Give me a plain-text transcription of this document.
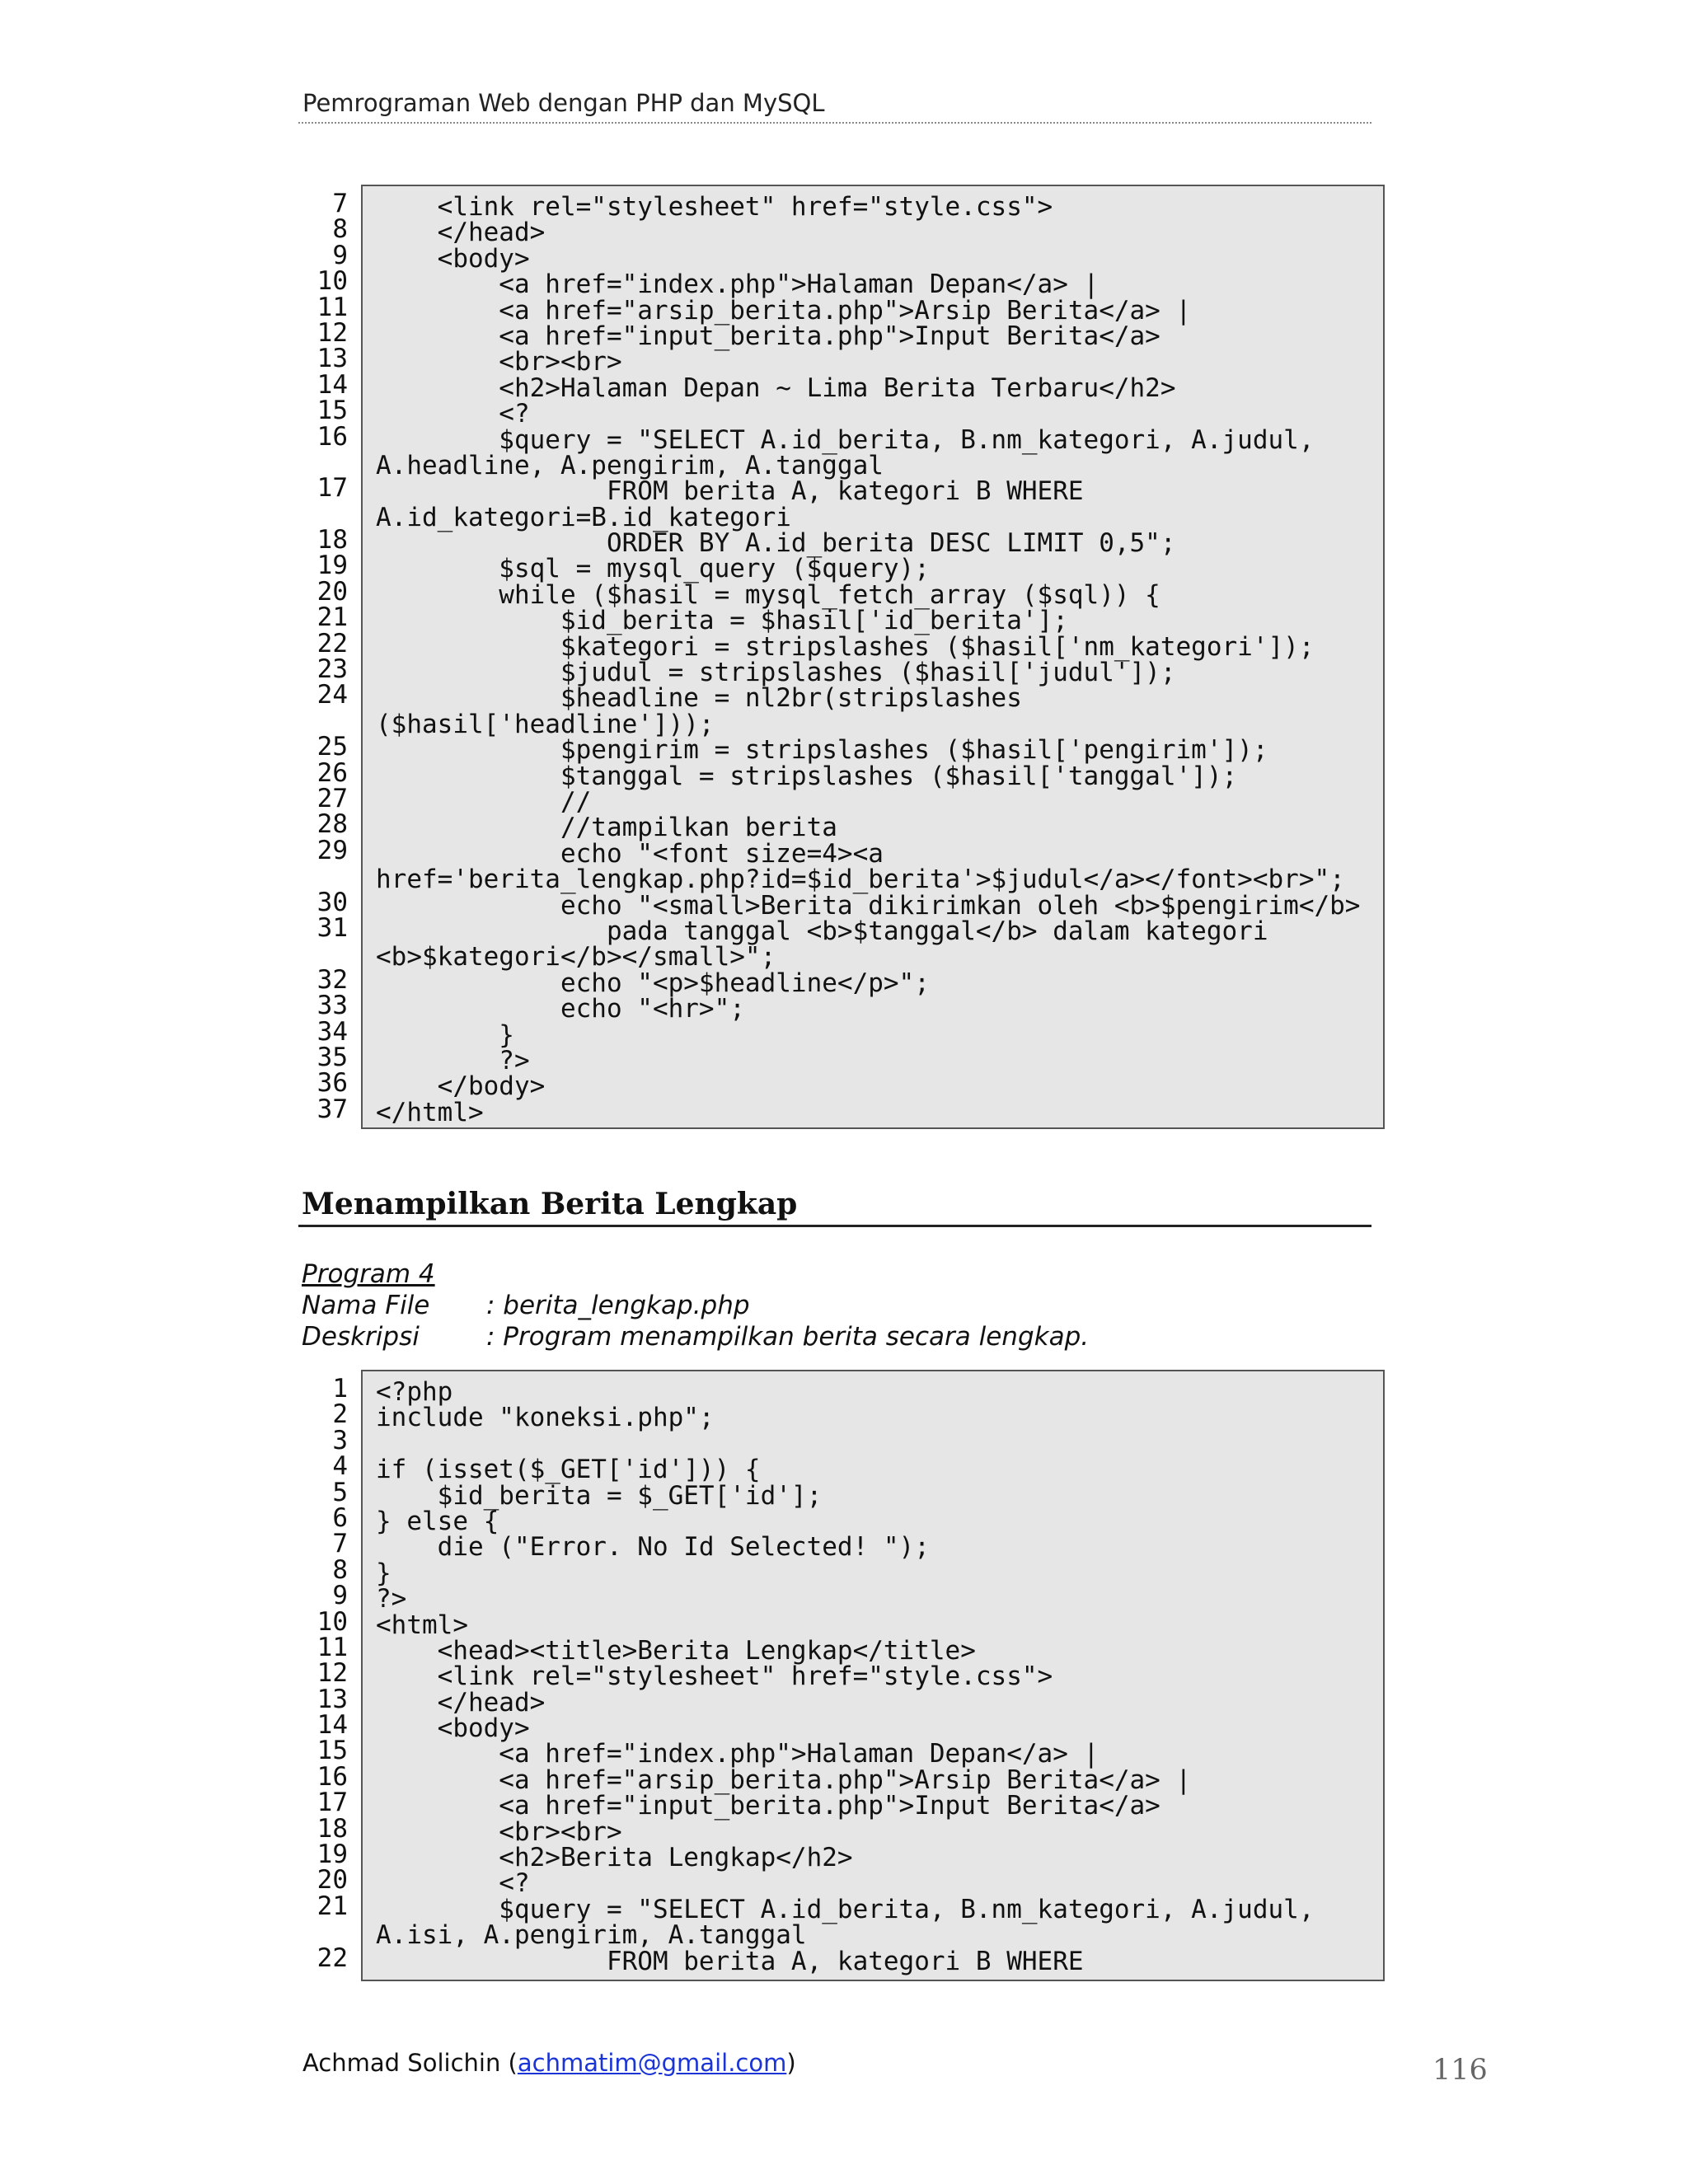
Pemrograman Web dengan PHP dan MySQL
7
8
9
10
11
12
13
14
15
16
17
18
19
20
21
22
23
24
25
26
27
28
29
30
31
32
33
34
35
36
37
<link rel="stylesheet" href="style.css">
</head>
<body>
<a href="index.php">Halaman Depan</a> |
<a href="arsip_berita.php">Arsip Berita</a> |
<a href="input_berita.php">Input Berita</a>
<br><br>
<h2>Halaman Depan ~ Lima Berita Terbaru</h2>
<?
$query = "SELECT A.id_berita, B.nm_kategori, A.judul,
A.headline, A.pengirim, A.tanggal
FROM berita A, kategori B WHERE
A.id_kategori=B.id_kategori
ORDER BY A.id_berita DESC LIMIT 0,5";
$sql = mysql_query ($query);
while ($hasil = mysql_fetch_array ($sql)) {
$id_berita = $hasil['id_berita'];
$kategori = stripslashes ($hasil['nm_kategori']);
$judul = stripslashes ($hasil['judul']);
$headline = nl2br(stripslashes
($hasil['headline']));
$pengirim = stripslashes ($hasil['pengirim']);
$tanggal = stripslashes ($hasil['tanggal']);
//
//tampilkan berita
echo "<font size=4><a
href='berita_lengkap.php?id=$id_berita'>$judul</a></font><br>";
echo "<small>Berita dikirimkan oleh <b>$pengirim</b>
pada tanggal <b>$tanggal</b> dalam kategori
<b>$kategori</b></small>";
echo "<p>$headline</p>";
echo "<hr>";
}
?>
</body>
</html>
Menampilkan Berita Lengkap
Program 4
Nama File : berita_lengkap.php
Deskripsi	: Program menampilkan berita secara lengkap.
1
2
3
4
5
6
7
8
9
10
11
12
13
14
15
16
17
18
19
20
21
22
<?php
include "koneksi.php";
if (isset($_GET['id'])) {
$id_berita = $_GET['id'];
} else {
die ("Error. No Id Selected! ");
}
?>
<html>
<head><title>Berita Lengkap</title>
<link rel="stylesheet" href="style.css">
</head>
<body>
<a href="index.php">Halaman Depan</a> |
<a href="arsip_berita.php">Arsip Berita</a> |
<a href="input_berita.php">Input Berita</a>
<br><br>
<h2>Berita Lengkap</h2>
<?
$query = "SELECT A.id_berita, B.nm_kategori, A.judul,
A.isi, A.pengirim, A.tanggal
FROM berita A, kategori B WHERE
Achmad Solichin (achmatim@gmail.com)	116
